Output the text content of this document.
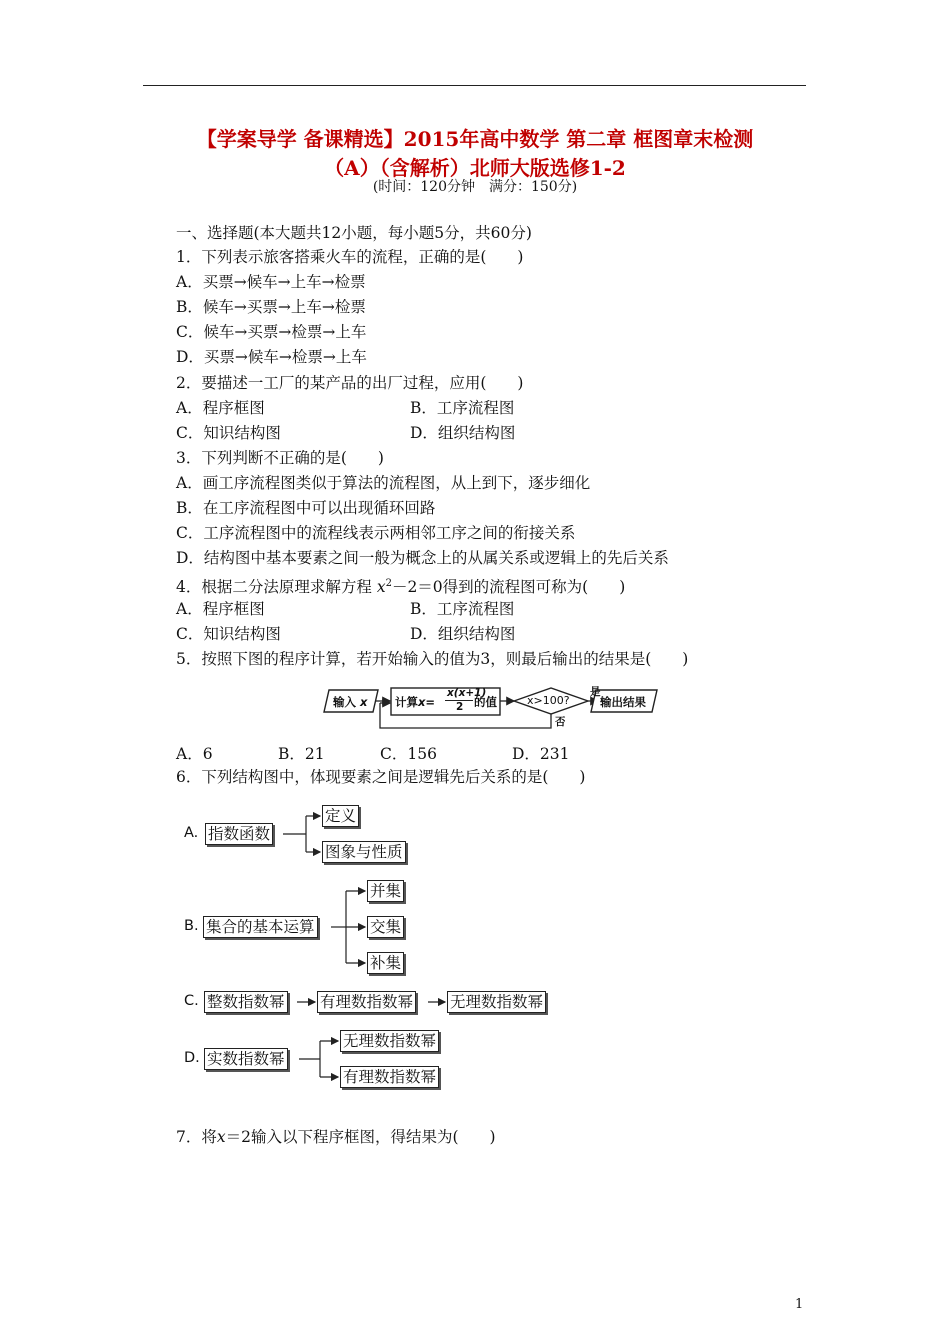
【学案导学 备课精选】2015年高中数学 第二章 框图章末检测
（A）（含解析）北师大版选修1-2
(时间：120分钟　满分：150分)
一、选择题(本大题共12小题，每小题5分，共60分)
1．下列表示旅客搭乘火车的流程，正确的是(　　)
A．买票→候车→上车→检票
B．候车→买票→上车→检票
C．候车→买票→检票→上车
D．买票→候车→检票→上车
2．要描述一工厂的某产品的出厂过程，应用(　　)
A．程序框图	B．工序流程图
C．知识结构图	D．组织结构图
3．下列判断不正确的是(　　)
A．画工序流程图类似于算法的流程图，从上到下，逐步细化
B．在工序流程图中可以出现循环回路
C．工序流程图中的流程线表示两相邻工序之间的衔接关系
D．结构图中基本要素之间一般为概念上的从属关系或逻辑上的先后关系
4．根据二分法原理求解方程 $x^2-2=0$得到的流程图可称为(　　)
A．程序框图	B．工序流程图
C．知识结构图	D．组织结构图
5．按照下图的程序计算，若开始输入的值为3，则最后输出的结果是(　　)
输入 x 计算x=
x(x+1)
2 的值	x>100?
是
否
输出结果
A．6	B．21	C．156	D．231
6．下列结构图中，体现要素之间是逻辑先后关系的是(　　)
A. 指数函数
定义
图象与性质
B. 集合的基本运算
并集
交集
补集
C. 整数指数幂 有理数指数幂 无理数指数幂
D. 实数指数幂
无理数指数幂
有理数指数幂
7．将x＝2输入以下程序框图，得结果为(　　)
1
